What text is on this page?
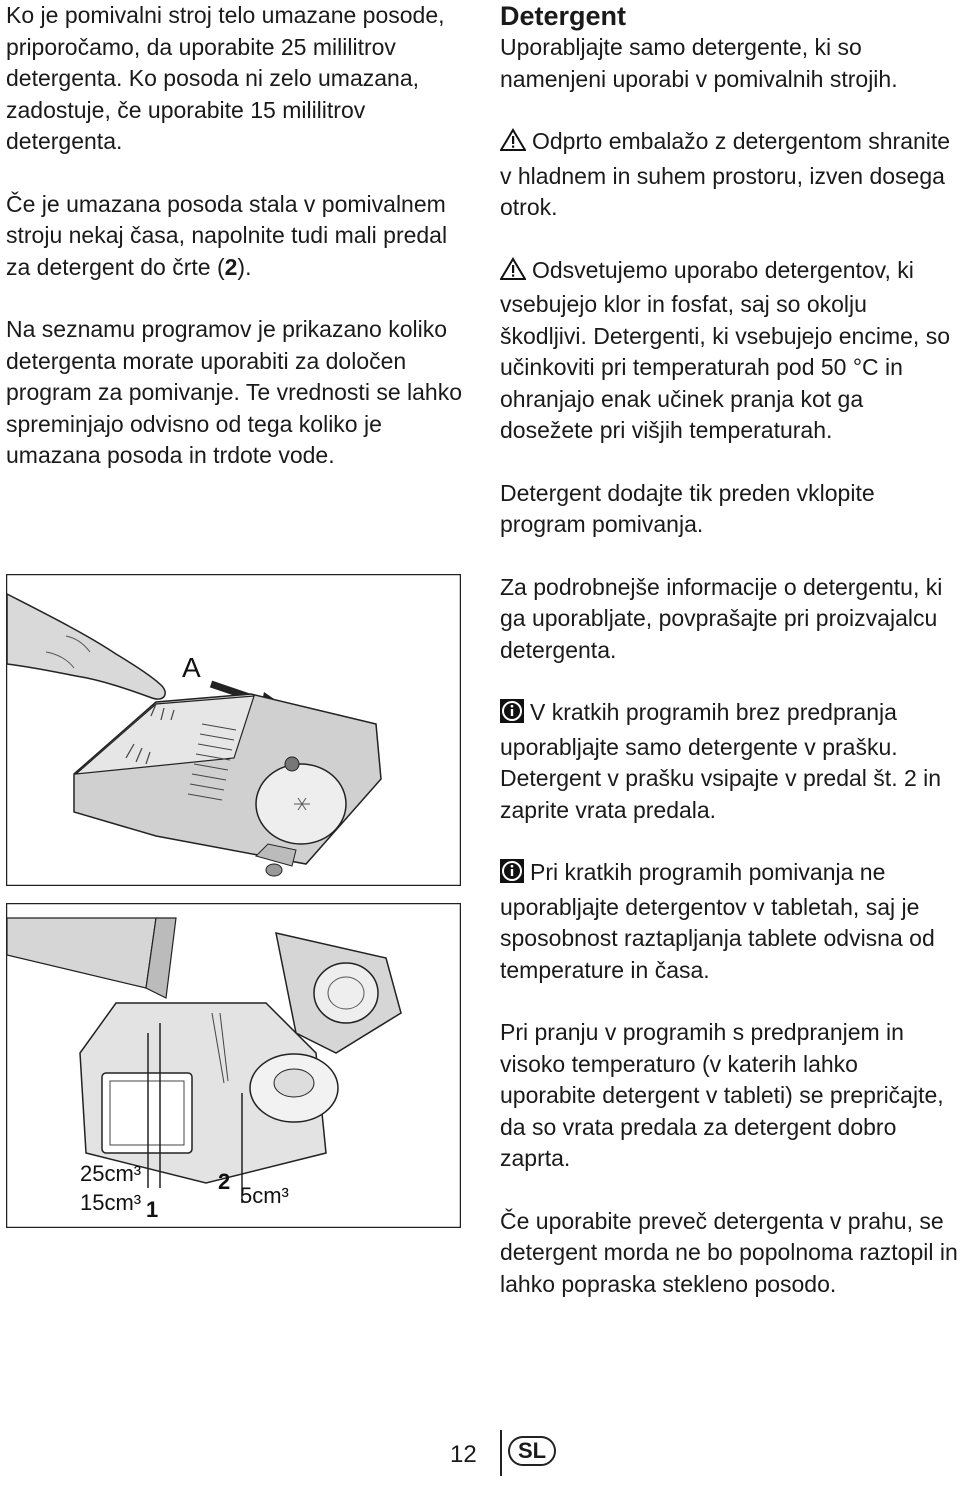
Ko je pomivalni stroj telo umazane posode, priporočamo, da uporabite 25 mililitrov detergenta. Ko posoda ni zelo umazana, zadostuje, če uporabite 15 mililitrov detergenta.

Če je umazana posoda stala v pomivalnem stroju nekaj časa, napolnite tudi mali predal za detergent do črte (2).

Na seznamu programov je prikazano koliko detergenta morate uporabiti za določen program za pomivanje. Te vrednosti se lahko spreminjajo odvisno od tega koliko je umazana posoda in trdote vode.

A
25cm³
15cm³ 1
2
5cm³

Detergent

Uporabljajte samo detergente, ki so namenjeni uporabi v pomivalnih strojih.

Odprto embalažo z detergentom shranite v hladnem in suhem prostoru, izven dosega otrok.

Odsvetujemo uporabo detergentov, ki vsebujejo klor in fosfat, saj so okolju škodljivi. Detergenti, ki vsebujejo encime, so učinkoviti pri temperaturah pod 50 °C in ohranjajo enak učinek pranja kot ga dosežete pri višjih temperaturah.

Detergent dodajte tik preden vklopite program pomivanja.

Za podrobnejše informacije o detergentu, ki ga uporabljate, povprašajte pri proizvajalcu detergenta.

V kratkih programih brez predpranja uporabljajte samo detergente v prašku. Detergent v prašku vsipajte v predal št. 2 in zaprite vrata predala.

Pri kratkih programih pomivanja ne uporabljajte detergentov v tabletah, saj je sposobnost raztapljanja tablete odvisna od temperature in časa.

Pri pranju v programih s predpranjem in visoko temperaturo (v katerih lahko uporabite detergent v tableti) se prepričajte, da so vrata predala za detergent dobro zaprta.

Če uporabite preveč detergenta v prahu, se detergent morda ne bo popolnoma raztopil in lahko popraska stekleno posodo.

12	SL
